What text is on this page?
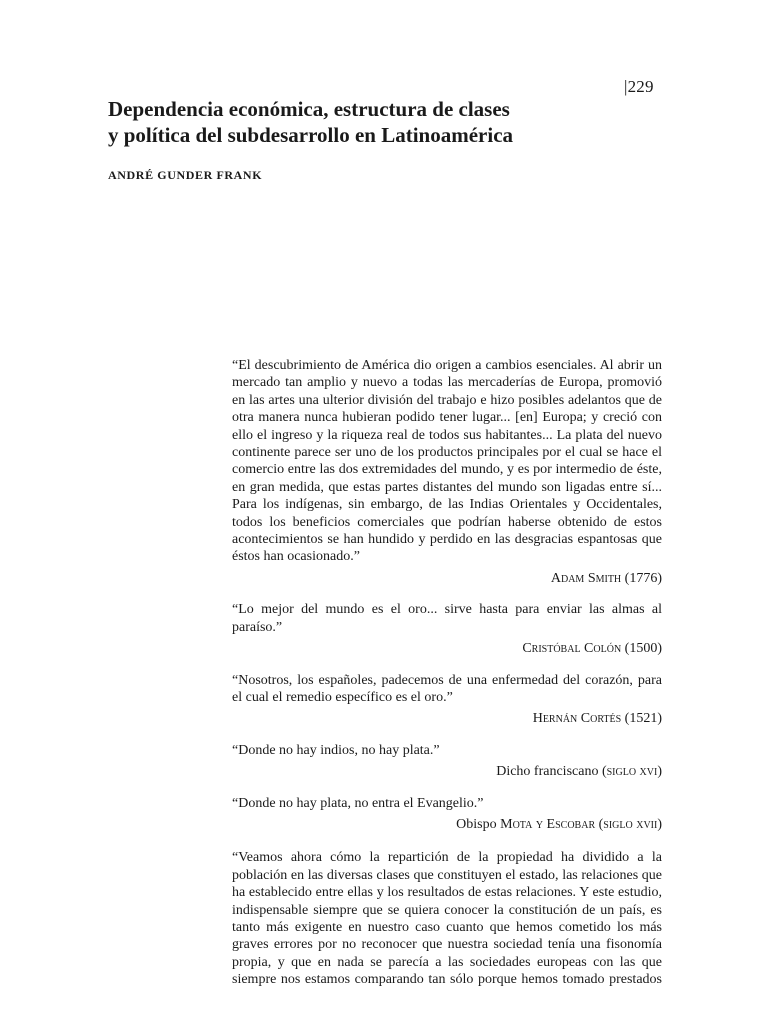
|229
Dependencia económica, estructura de clases
y política del subdesarrollo en Latinoamérica
ANDRÉ GUNDER FRANK

“El descubrimiento de América dio origen a cambios esenciales. Al abrir un mercado tan amplio y nuevo a todas las mercaderías de Europa, promovió en las artes una ulterior división del trabajo e hizo posibles adelantos que de otra manera nunca hubieran podido tener lugar... [en] Europa; y creció con ello el ingreso y la riqueza real de todos sus habitantes... La plata del nuevo continente parece ser uno de los productos principales por el cual se hace el comercio entre las dos extremidades del mundo, y es por intermedio de éste, en gran medida, que estas partes distantes del mundo son ligadas entre sí... Para los indígenas, sin embargo, de las Indias Orientales y Occidentales, todos los beneficios comerciales que podrían haberse obtenido de estos acontecimientos se han hundido y perdido en las desgracias espantosas que éstos han ocasionado.”

Adam Smith (1776)

“Lo mejor del mundo es el oro... sirve hasta para enviar las almas al paraíso.”

Cristóbal Colón (1500)

“Nosotros, los españoles, padecemos de una enfermedad del corazón, para el cual el remedio específico es el oro.”

Hernán Cortés (1521)

“Donde no hay indios, no hay plata.”

Dicho franciscano (siglo xvi)

“Donde no hay plata, no entra el Evangelio.”

Obispo Mota y Escobar (siglo xvii)

“Veamos ahora cómo la repartición de la propiedad ha dividido a la población en las diversas clases que constituyen el estado, las relaciones que ha establecido entre ellas y los resultados de estas relaciones. Y este estudio, indispensable siempre que se quiera conocer la constitución de un país, es tanto más exigente en nuestro caso cuanto que hemos cometido los más graves errores por no reconocer que nuestra sociedad tenía una fisonomía propia, y que en nada se parecía a las sociedades europeas con las que siempre nos estamos comparando tan sólo porque hemos tomado prestados
